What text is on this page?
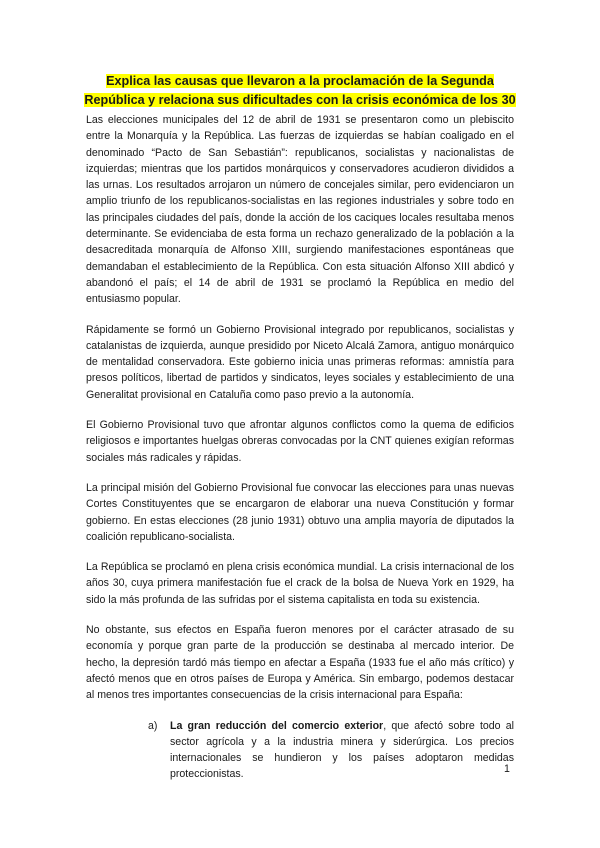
Explica las causas que llevaron a la proclamación de la Segunda
República y relaciona sus dificultades con la crisis económica de los 30

Las elecciones municipales del 12 de abril de 1931 se presentaron como un plebiscito entre la Monarquía y la República. Las fuerzas de izquierdas se habían coaligado en el denominado “Pacto de San Sebastián”: republicanos, socialistas y nacionalistas de izquierdas; mientras que los partidos monárquicos y conservadores acudieron divididos a las urnas. Los resultados arrojaron un número de concejales similar, pero evidenciaron un amplio triunfo de los republicanos-socialistas en las regiones industriales y sobre todo en las principales ciudades del país, donde la acción de los caciques locales resultaba menos determinante. Se evidenciaba de esta forma un rechazo generalizado de la población a la desacreditada monarquía de Alfonso XIII, surgiendo manifestaciones espontáneas que demandaban el establecimiento de la República. Con esta situación Alfonso XIII abdicó y abandonó el país; el 14 de abril de 1931 se proclamó la República en medio del entusiasmo popular.

Rápidamente se formó un Gobierno Provisional integrado por republicanos, socialistas y catalanistas de izquierda, aunque presidido por Niceto Alcalá Zamora, antiguo monárquico de mentalidad conservadora. Este gobierno inicia unas primeras reformas: amnistía para presos políticos, libertad de partidos y sindicatos, leyes sociales y establecimiento de una Generalitat provisional en Cataluña como paso previo a la autonomía.

El Gobierno Provisional tuvo que afrontar algunos conflictos como la quema de edificios religiosos e importantes huelgas obreras convocadas por la CNT quienes exigían reformas sociales más radicales y rápidas.

La principal misión del Gobierno Provisional fue convocar las elecciones para unas nuevas Cortes Constituyentes que se encargaron de elaborar una nueva Constitución y formar gobierno. En estas elecciones (28 junio 1931) obtuvo una amplia mayoría de diputados la coalición republicano-socialista.

La República se proclamó en plena crisis económica mundial. La crisis internacional de los años 30, cuya primera manifestación fue el crack de la bolsa de Nueva York en 1929, ha sido la más profunda de las sufridas por el sistema capitalista en toda su existencia.

No obstante, sus efectos en España fueron menores por el carácter atrasado de su economía y porque gran parte de la producción se destinaba al mercado interior. De hecho, la depresión tardó más tiempo en afectar a España (1933 fue el año más crítico) y afectó menos que en otros países de Europa y América. Sin embargo, podemos destacar al menos tres importantes consecuencias de la crisis internacional para España:

a)	La gran reducción del comercio exterior, que afectó sobre todo al sector agrícola y a la industria minera y siderúrgica. Los precios internacionales se hundieron y los países adoptaron medidas proteccionistas.	1
